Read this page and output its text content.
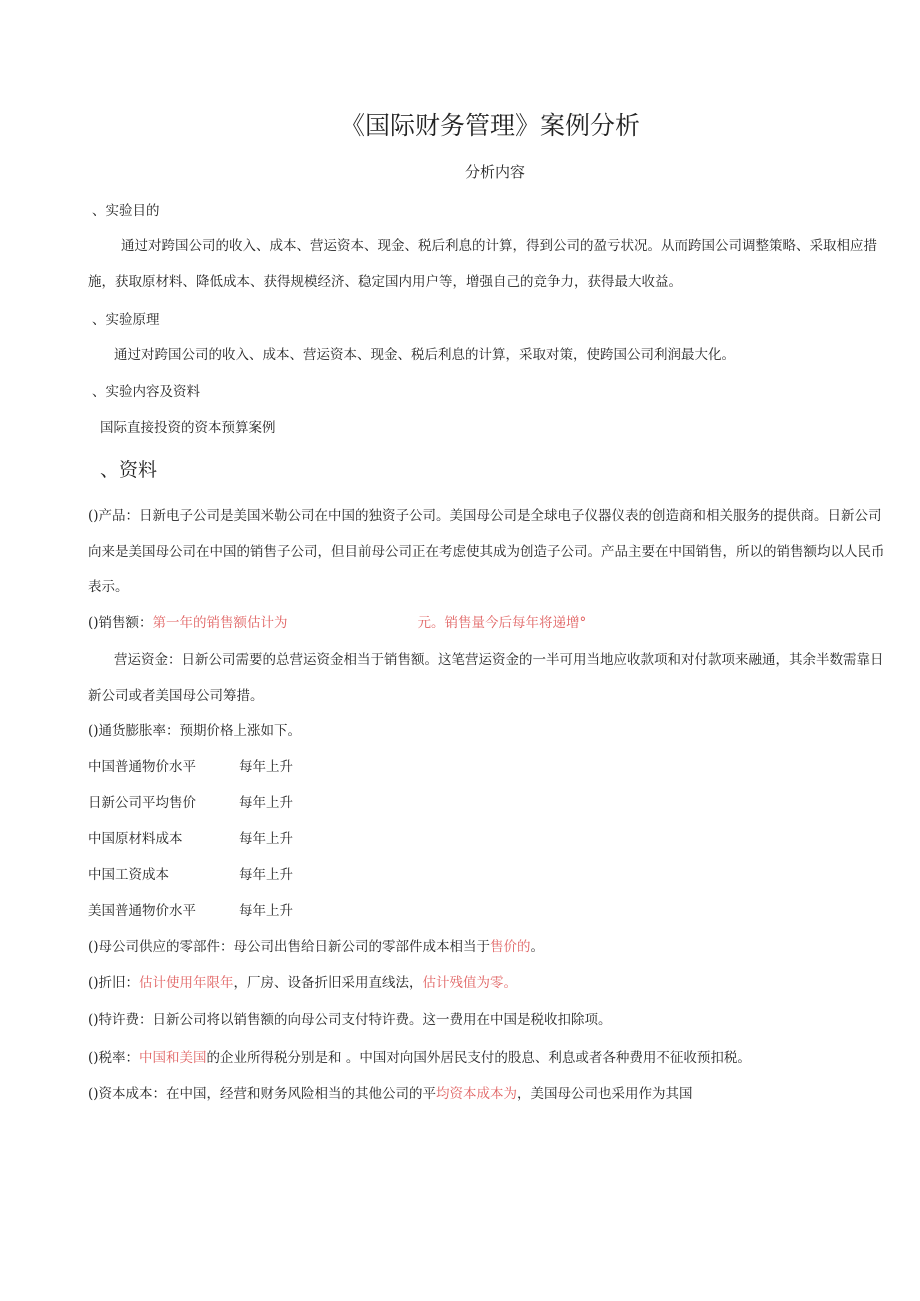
《国际财务管理》案例分析
分析内容
、实验目的
通过对跨国公司的收入、成本、营运资本、现金、税后利息的计算，得到公司的盈亏状况。从而跨国公司调整策略、采取相应措
施，获取原材料、降低成本、获得规模经济、稳定国内用户等，增强自己的竞争力，获得最大收益。
、实验原理
通过对跨国公司的收入、成本、营运资本、现金、税后利息的计算，采取对策，使跨国公司利润最大化。
、实验内容及资料
国际直接投资的资本预算案例
、资料
()产品：日新电子公司是美国米勒公司在中国的独资子公司。美国母公司是全球电子仪器仪表的创造商和相关服务的提供商。日新公司
向来是美国母公司在中国的销售子公司，但目前母公司正在考虑使其成为创造子公司。产品主要在中国销售，所以的销售额均以人民币
表示。
()销售额：第一年的销售额估计为	元。销售量今后每年将递增°
营运资金：日新公司需要的总营运资金相当于销售额。这笔营运资金的一半可用当地应收款项和对付款项来融通，其余半数需靠日
新公司或者美国母公司筹措。
()通货膨胀率：预期价格上涨如下。
中国普通物价水平	每年上升
日新公司平均售价	每年上升
中国原材料成本	每年上升
中国工资成本	每年上升
美国普通物价水平	每年上升
()母公司供应的零部件：母公司出售给日新公司的零部件成本相当于售价的。
()折旧：估计使用年限年，厂房、设备折旧采用直线法，估计残值为零。
()特许费：日新公司将以销售额的向母公司支付特许费。这一费用在中国是税收扣除项。
()税率：中国和美国的企业所得税分别是和 。中国对向国外居民支付的股息、利息或者各种费用不征收预扣税。
()资本成本：在中国，经营和财务风险相当的其他公司的平均资本成本为，美国母公司也采用作为其国
